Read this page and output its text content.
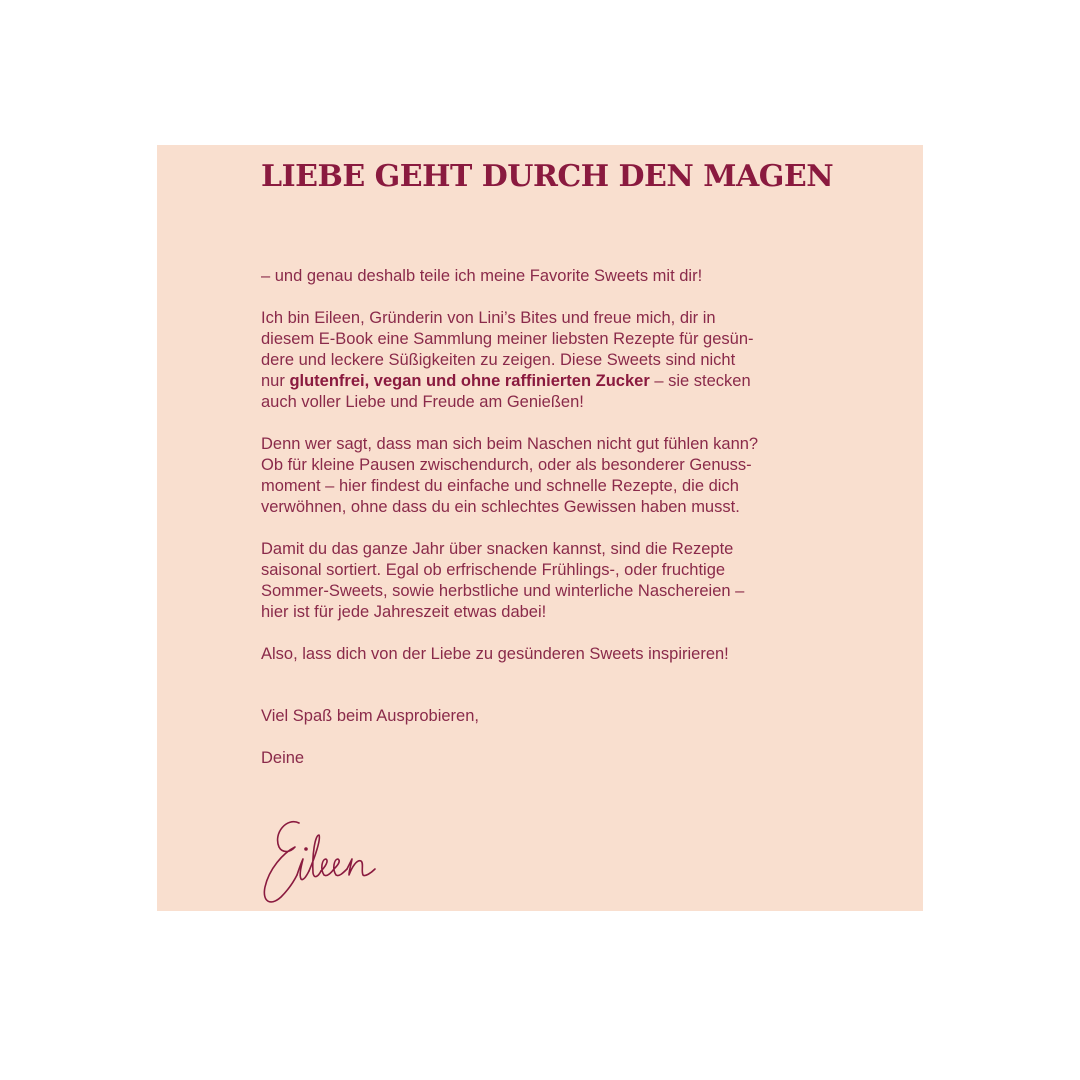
LIEBE GEHT DURCH DEN MAGEN

– und genau deshalb teile ich meine Favorite Sweets mit dir!

Ich bin Eileen, Gründerin von Lini’s Bites und freue mich, dir in

diesem E-Book eine Sammlung meiner liebsten Rezepte für gesün-

dere und leckere Süßigkeiten zu zeigen. Diese Sweets sind nicht

nur glutenfrei, vegan und ohne raffinierten Zucker – sie stecken

auch voller Liebe und Freude am Genießen!

Denn wer sagt, dass man sich beim Naschen nicht gut fühlen kann?

Ob für kleine Pausen zwischendurch, oder als besonderer Genuss-

moment – hier findest du einfache und schnelle Rezepte, die dich

verwöhnen, ohne dass du ein schlechtes Gewissen haben musst.

Damit du das ganze Jahr über snacken kannst, sind die Rezepte

saisonal sortiert. Egal ob erfrischende Frühlings-, oder fruchtige

Sommer-Sweets, sowie herbstliche und winterliche Naschereien –

hier ist für jede Jahreszeit etwas dabei!

Also, lass dich von der Liebe zu gesünderen Sweets inspirieren!

Viel Spaß beim Ausprobieren,

Deine
